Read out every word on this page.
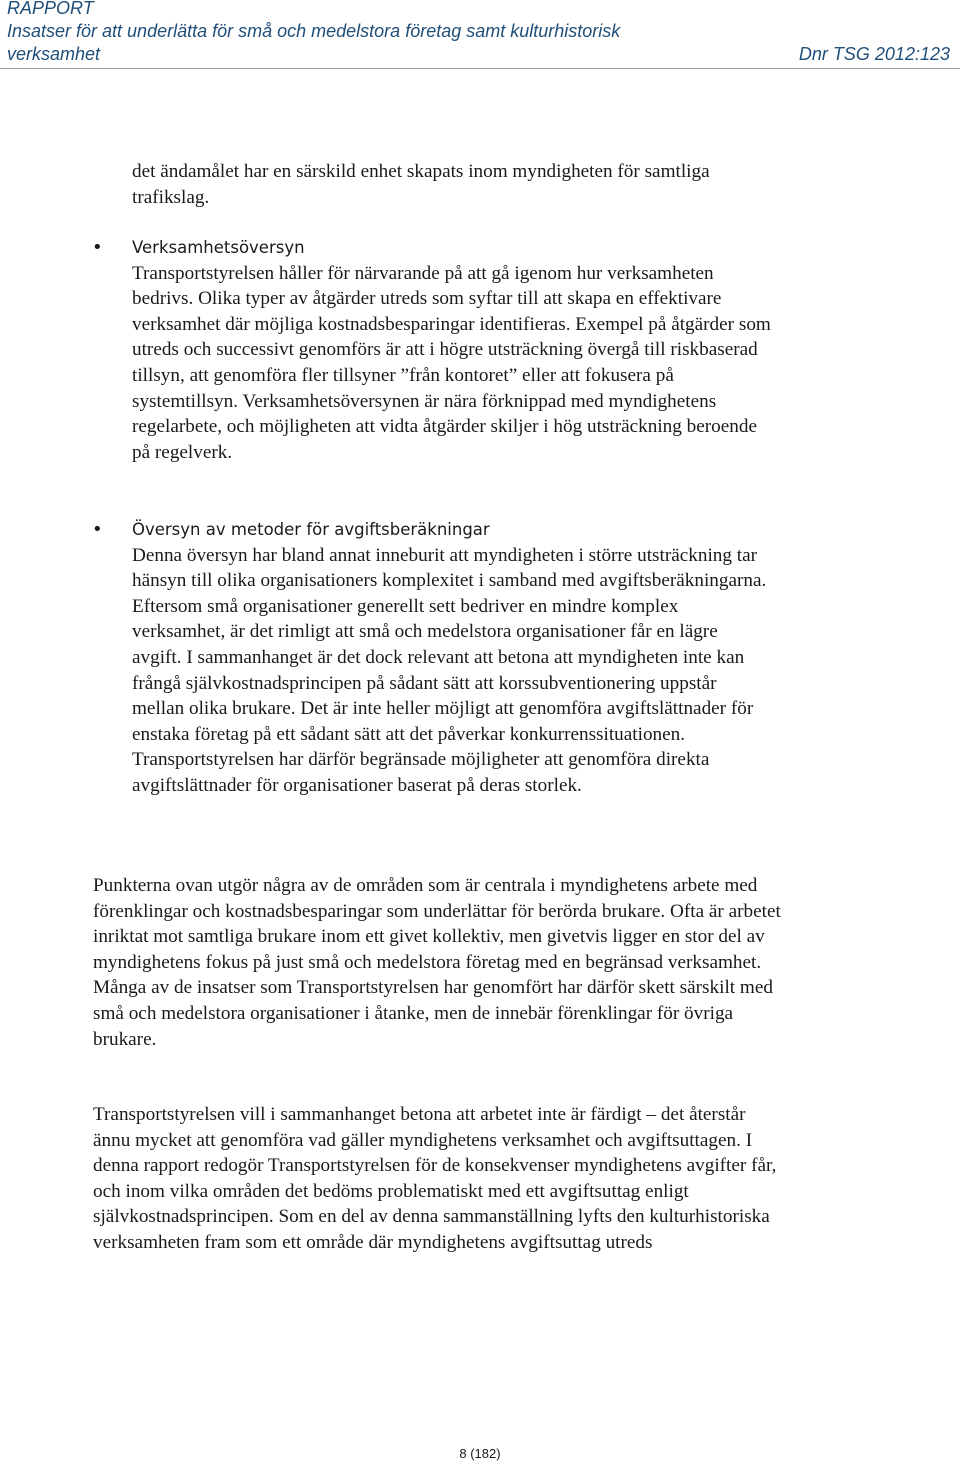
RAPPORT
Insatser för att underlätta för små och medelstora företag samt kulturhistorisk
verksamhet	Dnr TSG 2012:123
det ändamålet har en särskild enhet skapats inom myndigheten för samtliga trafikslag.
• Verksamhetsöversyn
Transportstyrelsen håller för närvarande på att gå igenom hur verksamheten bedrivs. Olika typer av åtgärder utreds som syftar till att skapa en effektivare verksamhet där möjliga kostnadsbesparingar identifieras. Exempel på åtgärder som utreds och successivt genomförs är att i högre utsträckning övergå till riskbaserad tillsyn, att genomföra fler tillsyner ”från kontoret” eller att fokusera på systemtillsyn. Verksamhetsöversynen är nära förknippad med myndighetens regelarbete, och möjligheten att vidta åtgärder skiljer i hög utsträckning beroende på regelverk.
• Översyn av metoder för avgiftsberäkningar
Denna översyn har bland annat inneburit att myndigheten i större utsträckning tar hänsyn till olika organisationers komplexitet i samband med avgiftsberäkningarna. Eftersom små organisationer generellt sett bedriver en mindre komplex verksamhet, är det rimligt att små och medelstora organisationer får en lägre avgift. I sammanhanget är det dock relevant att betona att myndigheten inte kan frångå självkostnadsprincipen på sådant sätt att korssubventionering uppstår mellan olika brukare. Det är inte heller möjligt att genomföra avgiftslättnader för enstaka företag på ett sådant sätt att det påverkar konkurrenssituationen. Transportstyrelsen har därför begränsade möjligheter att genomföra direkta avgiftslättnader för organisationer baserat på deras storlek.
Punkterna ovan utgör några av de områden som är centrala i myndighetens arbete med förenklingar och kostnadsbesparingar som underlättar för berörda brukare. Ofta är arbetet inriktat mot samtliga brukare inom ett givet kollektiv, men givetvis ligger en stor del av myndighetens fokus på just små och medelstora företag med en begränsad verksamhet. Många av de insatser som Transportstyrelsen har genomfört har därför skett särskilt med små och medelstora organisationer i åtanke, men de innebär förenklingar för övriga brukare.
Transportstyrelsen vill i sammanhanget betona att arbetet inte är färdigt – det återstår ännu mycket att genomföra vad gäller myndighetens verksamhet och avgiftsuttagen. I denna rapport redogör Transportstyrelsen för de konsekvenser myndighetens avgifter får, och inom vilka områden det bedöms problematiskt med ett avgiftsuttag enligt självkostnadsprincipen. Som en del av denna sammanställning lyfts den kulturhistoriska verksamheten fram som ett område där myndighetens avgiftsuttag utreds
8 (182)
